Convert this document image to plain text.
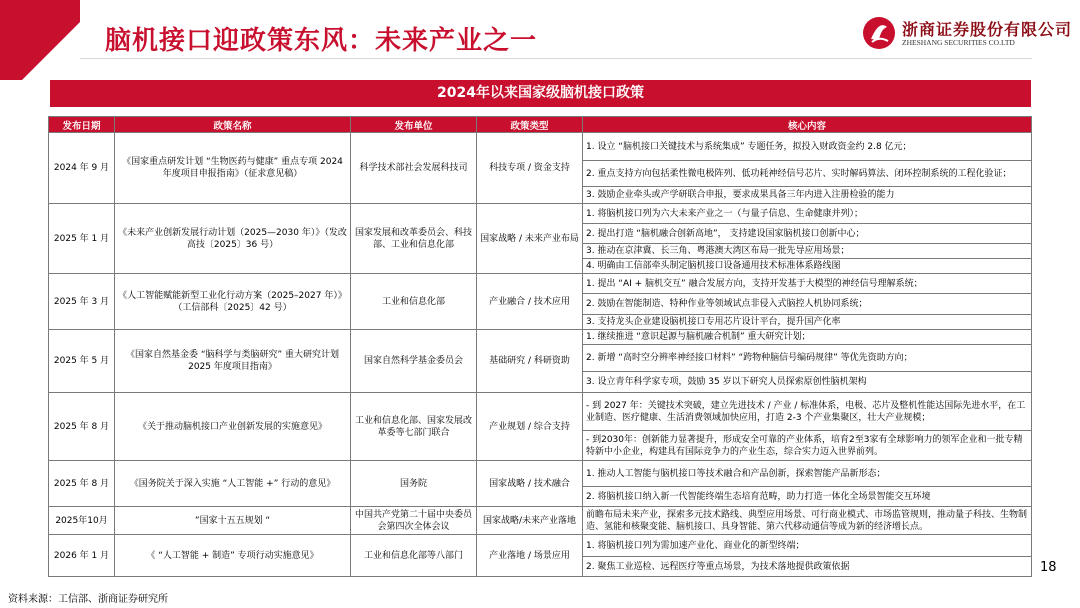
脑机接口迎政策东风：未来产业之一	浙商证券股份有限公司
ZHESHANG SECURITIES CO.LTD
2024年以来国家级脑机接口政策
发布日期	政策名称	发布单位	政策类型	核心内容
2024 年 9 月	《国家重点研发计划 “生物医药与健康” 重点专项 2024 年度项目申报指南》（征求意见稿）	科学技术部社会发展科技司	科技专项 / 资金支持	1. 设立 “脑机接口关键技术与系统集成” 专题任务，拟投入财政资金约 2.8 亿元；
				2. 重点支持方向包括柔性微电极阵列、低功耗神经信号芯片、实时解码算法、闭环控制系统的工程化验证；
				3. 鼓励企业牵头或产学研联合申报，要求成果具备三年内进入注册检验的能力
2025 年 1 月	《未来产业创新发展行动计划（2025—2030 年）》（发改高技〔2025〕36 号）	国家发展和改革委员会、科技部、工业和信息化部	国家战略 / 未来产业布局	1. 将脑机接口列为六大未来产业之一（与量子信息、生命健康并列）；
				2. 提出打造 “脑机融合创新高地”， 支持建设国家脑机接口创新中心；
				3. 推动在京津冀、长三角、粤港澳大湾区布局一批先导应用场景；
				4. 明确由工信部牵头制定脑机接口设备通用技术标准体系路线图
2025 年 3 月	《人工智能赋能新型工业化行动方案（2025–2027 年）》（工信部科〔2025〕42 号）	工业和信息化部	产业融合 / 技术应用	1. 提出 “AI + 脑机交互” 融合发展方向，支持开发基于大模型的神经信号理解系统；
				2. 鼓励在智能制造、特种作业等领域试点非侵入式脑控人机协同系统；
				3. 支持龙头企业建设脑机接口专用芯片设计平台，提升国产化率
2025 年 5 月	《国家自然基金委 “脑科学与类脑研究” 重大研究计划 2025 年度项目指南》	国家自然科学基金委员会	基础研究 / 科研资助	1. 继续推进 “意识起源与脑机融合机制” 重大研究计划；
				2. 新增 “高时空分辨率神经接口材料” “跨物种脑信号编码规律” 等优先资助方向；
				3. 设立青年科学家专项，鼓励 35 岁以下研究人员探索原创性脑机架构
2025 年 8 月	《关于推动脑机接口产业创新发展的实施意见》	工业和信息化部、国家发展改革委等七部门联合	产业规划 / 综合支持	- 到 2027 年：关键技术突破，建立先进技术 / 产业 / 标准体系，电极、芯片及整机性能达国际先进水平，在工业制造、医疗健康、生活消费领域加快应用，打造 2-3 个产业集聚区，壮大产业规模；
				- 到2030年：创新能力显著提升，形成安全可靠的产业体系，培育2至3家有全球影响力的领军企业和一批专精特新中小企业，构建具有国际竞争力的产业生态，综合实力迈入世界前列。
2025 年 8 月	《国务院关于深入实施 “人工智能 +” 行动的意见》	国务院	国家战略 / 技术融合	1. 推动人工智能与脑机接口等技术融合和产品创新，探索智能产品新形态；
				2. 将脑机接口纳入新一代智能终端生态培育范畴，助力打造一体化全场景智能交互环境
2025年10月	”国家十五五规划 “	中国共产党第二十届中央委员会第四次全体会议	国家战略/未来产业落地	前瞻布局未来产业，探索多元技术路线、典型应用场景、可行商业模式、市场监管规则，推动量子科技、生物制造、氢能和核聚变能、脑机接口、具身智能、第六代移动通信等成为新的经济增长点。
2026 年 1 月	《 “人工智能 + 制造” 专项行动实施意见》	工业和信息化部等八部门	产业落地 / 场景应用	1. 将脑机接口列为需加速产业化、商业化的新型终端；
				2. 聚焦工业巡检、远程医疗等重点场景，为技术落地提供政策依据	18
资料来源：工信部、浙商证券研究所
